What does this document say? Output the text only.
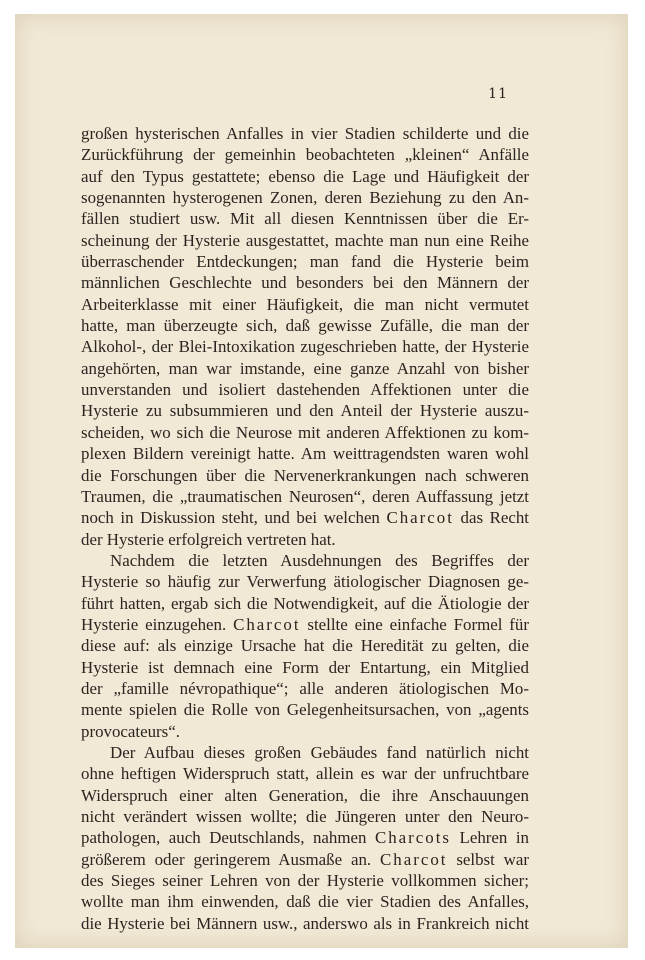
11
großen hysterischen Anfalles in vier Stadien schilderte und die
Zurückführung der gemeinhin beobachteten „kleinen“ Anfälle
auf den Typus gestattete; ebenso die Lage und Häufigkeit der
sogenannten hysterogenen Zonen, deren Beziehung zu den An-
fällen studiert usw. Mit all diesen Kenntnissen über die Er-
scheinung der Hysterie ausgestattet, machte man nun eine Reihe
überraschender Entdeckungen; man fand die Hysterie beim
männlichen Geschlechte und besonders bei den Männern der
Arbeiterklasse mit einer Häufigkeit, die man nicht vermutet
hatte, man überzeugte sich, daß gewisse Zufälle, die man der
Alkohol-, der Blei-Intoxikation zugeschrieben hatte, der Hysterie
angehörten, man war imstande, eine ganze Anzahl von bisher
unverstanden und isoliert dastehenden Affektionen unter die
Hysterie zu subsummieren und den Anteil der Hysterie auszu-
scheiden, wo sich die Neurose mit anderen Affektionen zu kom-
plexen Bildern vereinigt hatte. Am weittragendsten waren wohl
die Forschungen über die Nervenerkrankungen nach schweren
Traumen, die „traumatischen Neurosen“, deren Auffassung jetzt
noch in Diskussion steht, und bei welchen Charcot das Recht
der Hysterie erfolgreich vertreten hat.
Nachdem die letzten Ausdehnungen des Begriffes der
Hysterie so häufig zur Verwerfung ätiologischer Diagnosen ge-
führt hatten, ergab sich die Notwendigkeit, auf die Ätiologie der
Hysterie einzugehen. Charcot stellte eine einfache Formel für
diese auf: als einzige Ursache hat die Heredität zu gelten, die
Hysterie ist demnach eine Form der Entartung, ein Mitglied
der „famille névropathique“; alle anderen ätiologischen Mo-
mente spielen die Rolle von Gelegenheitsursachen, von „agents
provocateurs“.
Der Aufbau dieses großen Gebäudes fand natürlich nicht
ohne heftigen Widerspruch statt, allein es war der unfruchtbare
Widerspruch einer alten Generation, die ihre Anschauungen
nicht verändert wissen wollte; die Jüngeren unter den Neuro-
pathologen, auch Deutschlands, nahmen Charcots Lehren in
größerem oder geringerem Ausmaße an. Charcot selbst war
des Sieges seiner Lehren von der Hysterie vollkommen sicher;
wollte man ihm einwenden, daß die vier Stadien des Anfalles,
die Hysterie bei Männern usw., anderswo als in Frankreich nicht
